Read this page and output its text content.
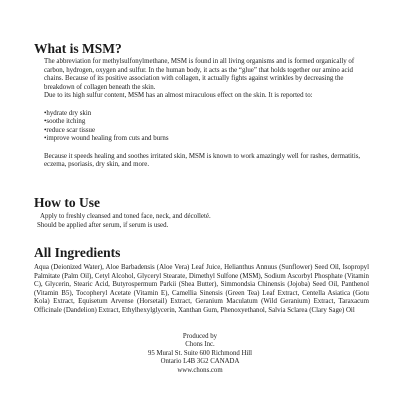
What is MSM?

The abbreviation for methylsulfonylmethane, MSM is found in all living organisms and is formed organically of carbon, hydrogen, oxygen and sulfur. In the human body, it acts as the “glue” that holds together our amino acid chains. Because of its positive association with collagen, it actually fights against wrinkles by decreasing the breakdown of collagen beneath the skin.

Due to its high sulfur content, MSM has an almost miraculous effect on the skin. It is reported to:

•hydrate dry skin
•soothe itching
•reduce scar tissue
•improve wound healing from cuts and burns

Because it speeds healing and soothes irritated skin, MSM is known to work amazingly well for rashes, dermatitis, eczema, psoriasis, dry skin, and more.

How to Use

Apply to freshly cleansed and toned face, neck, and décolleté.

Should be applied after serum, if serum is used.

All Ingredients

Aqua (Deionized Water), Aloe Barbadensis (Aloe Vera) Leaf Juice, Helianthus Annuus (Sunflower) Seed Oil, Isopropyl Palmitate (Palm Oil), Cetyl Alcohol, Glyceryl Stearate, Dimethyl Sulfone (MSM), Sodium Ascorbyl Phosphate (Vitamin C), Glycerin, Stearic Acid, Butyrospermum Parkii (Shea Butter), Simmondsia Chinensis (Jojoba) Seed Oil, Panthenol (Vitamin B5), Tocopheryl Acetate (Vitamin E), Camellia Sinensis (Green Tea) Leaf Extract, Centella Asiatica (Gotu Kola) Extract, Equisetum Arvense (Horsetail) Extract, Geranium Maculatum (Wild Geranium) Extract, Taraxacum Officinale (Dandelion) Extract, Ethylhexylglycerin, Xanthan Gum, Phenoxyethanol, Salvia Sclarea (Clary Sage) Oil

Produced by
Chons Inc.
95 Mural St. Suite 600 Richmond Hill
Ontario L4B 3G2 CANADA
www.chons.com
